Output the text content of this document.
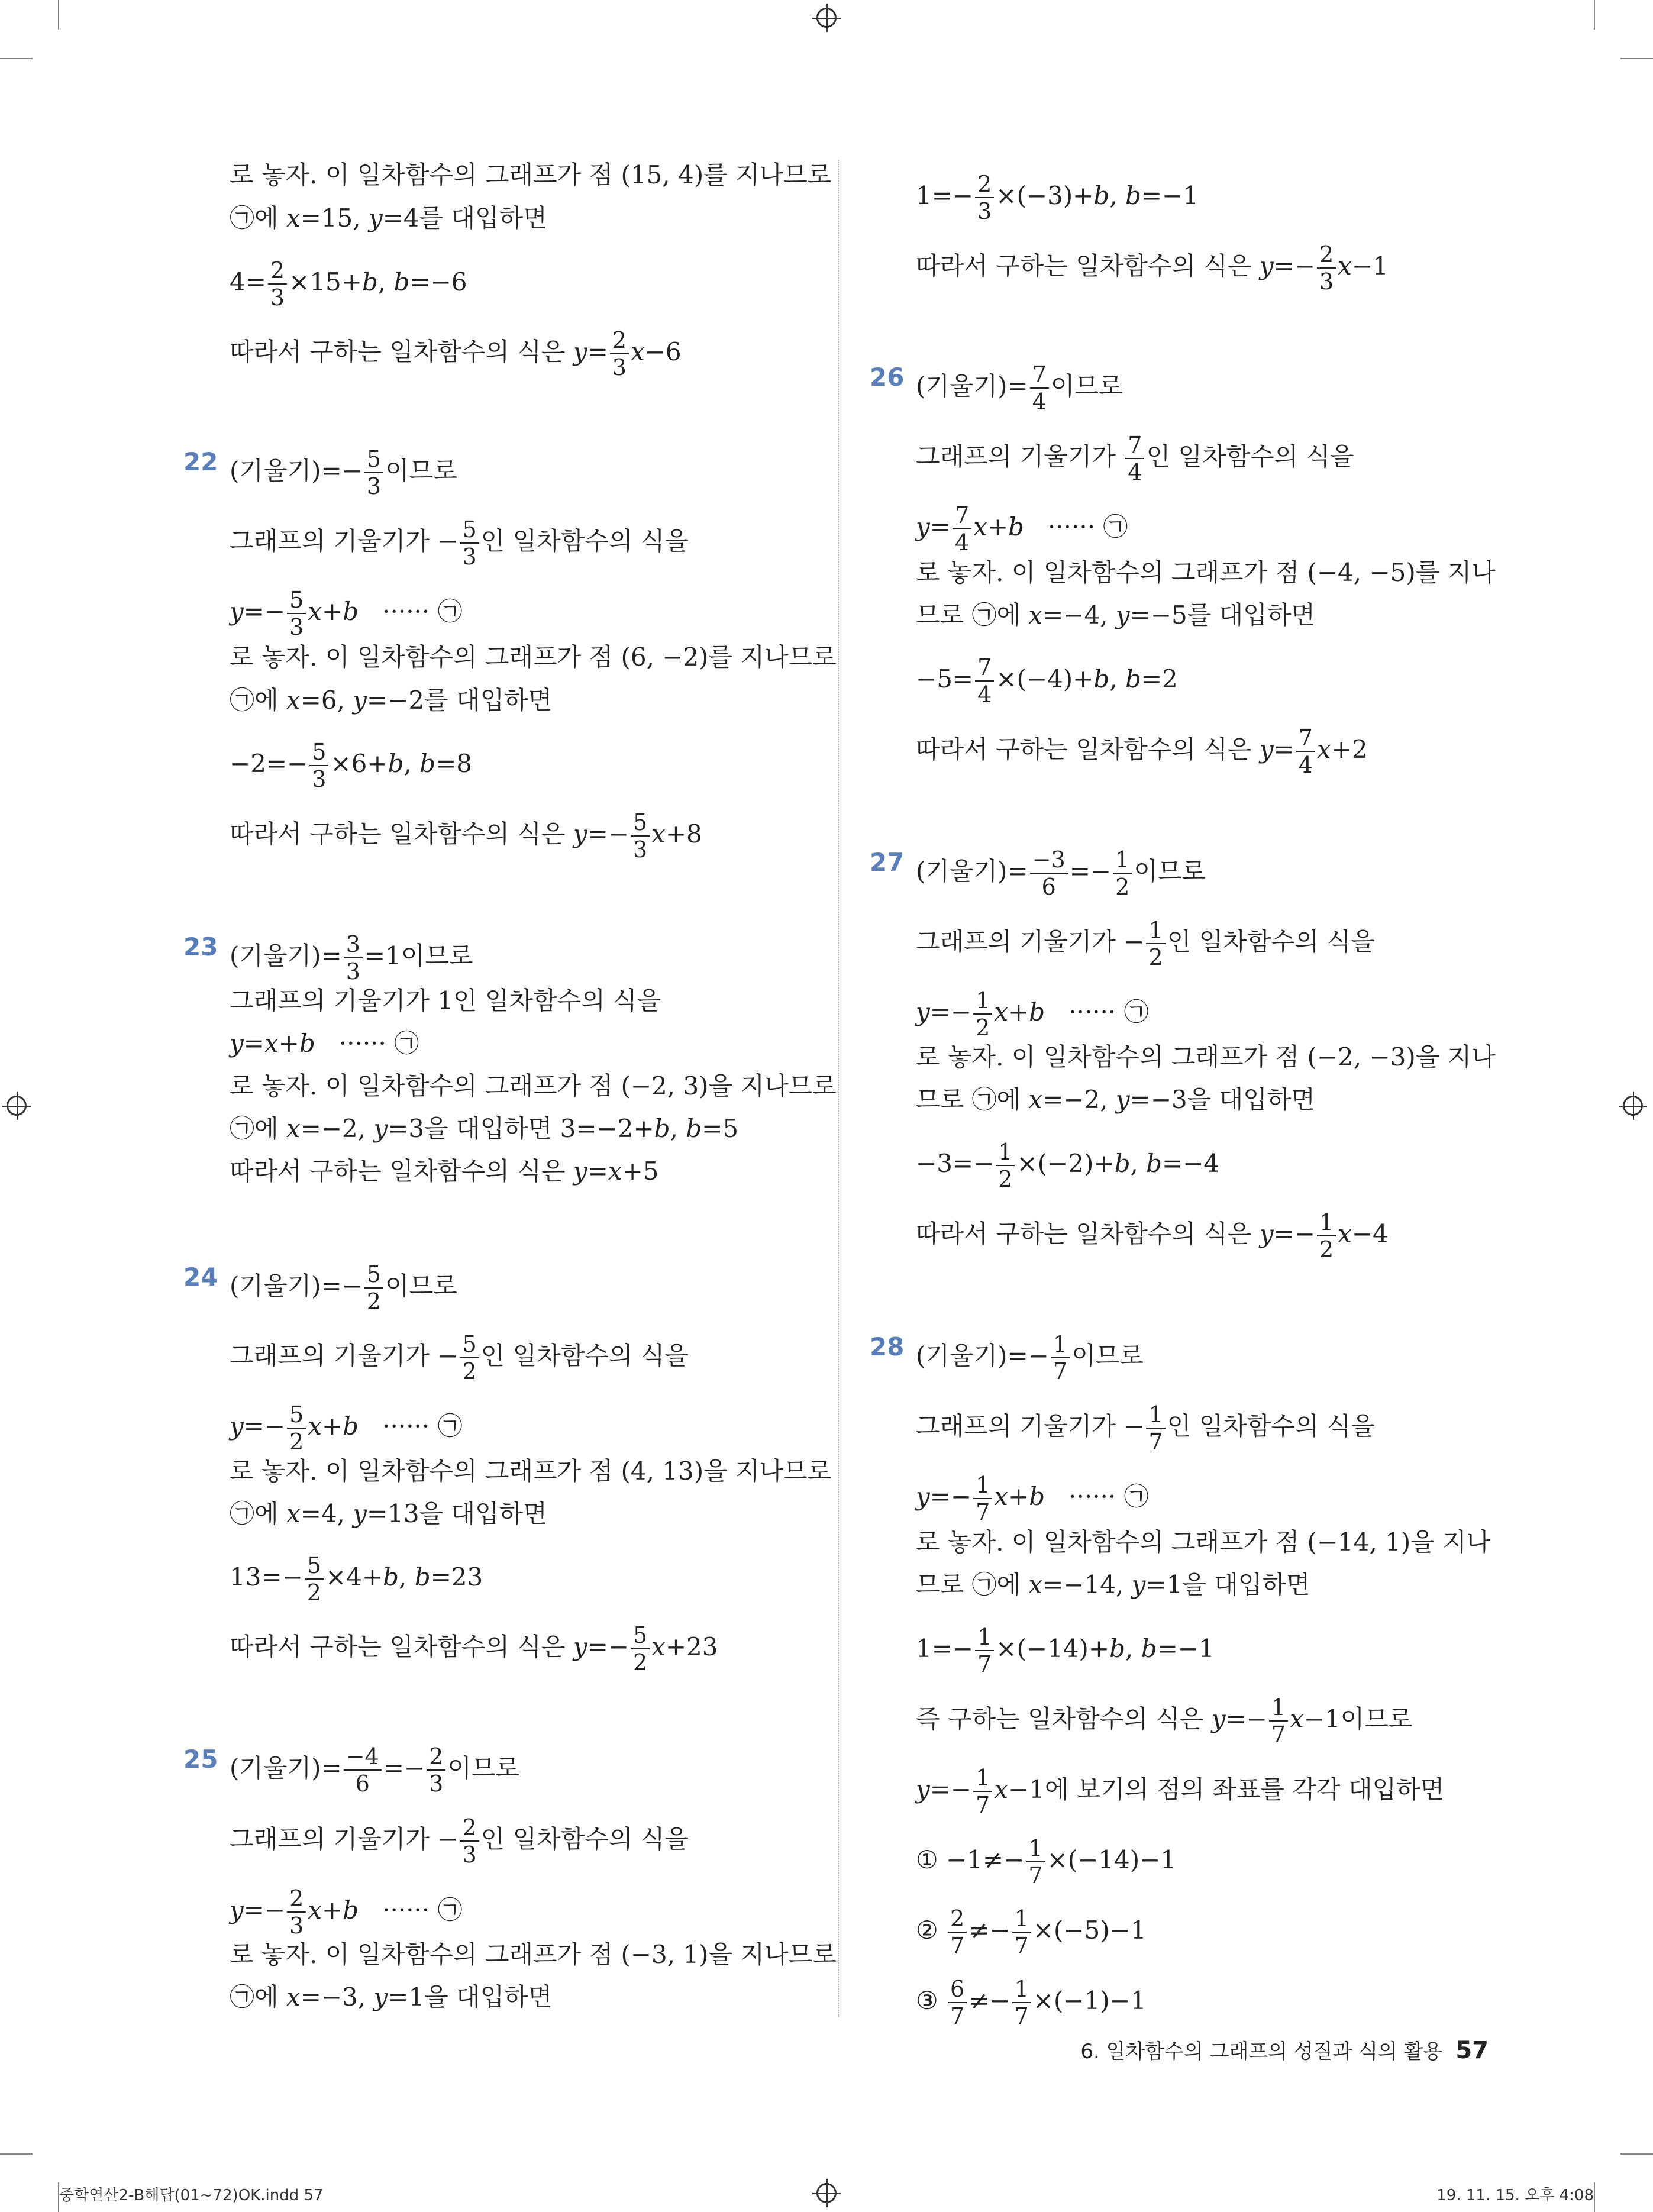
로 놓자. 이 일차함수의 그래프가 점 (15, 4)를 지나므로
㉠에 x=15, y=4를 대입하면
$4= \frac{2}{3} \times 15+b$, b=−6
따라서 구하는 일차함수의 식은 $y= \frac{2}{3} x-6$
22 (기울기)=− $\frac{5}{3}$ 이므로
그래프의 기울기가 − $\frac{5}{3}$ 인 일차함수의 식을
$y=- \frac{5}{3} x+b$   ······ ㉠
로 놓자. 이 일차함수의 그래프가 점 (6, −2)를 지나므로
㉠에 x=6, y=−2를 대입하면
$-2=- \frac{5}{3} \times 6+b$, b=8
따라서 구하는 일차함수의 식은 $y=- \frac{5}{3} x+8$
23 (기울기)= $\frac{3}{3} =1$이므로
그래프의 기울기가 1인 일차함수의 식을
y=x+b   ······ ㉠
로 놓자. 이 일차함수의 그래프가 점 (−2, 3)을 지나므로
㉠에 x=−2, y=3을 대입하면 3=−2+b, b=5
따라서 구하는 일차함수의 식은 y=x+5
24 (기울기)=− $\frac{5}{2}$ 이므로
그래프의 기울기가 − $\frac{5}{2}$ 인 일차함수의 식을
$y=- \frac{5}{2} x+b$   ······ ㉠
로 놓자. 이 일차함수의 그래프가 점 (4, 13)을 지나므로
㉠에 x=4, y=13을 대입하면
$13=- \frac{5}{2} \times 4+b$, b=23
따라서 구하는 일차함수의 식은 $y=- \frac{5}{2} x+23$
25 (기울기)= $\frac{-4}{6} =- \frac{2}{3}$ 이므로
그래프의 기울기가 − $\frac{2}{3}$ 인 일차함수의 식을
$y=- \frac{2}{3} x+b$   ······ ㉠
로 놓자. 이 일차함수의 그래프가 점 (−3, 1)을 지나므로
㉠에 x=−3, y=1을 대입하면
$1=- \frac{2}{3} \times(-3)+b$, b=−1
따라서 구하는 일차함수의 식은 $y=- \frac{2}{3} x-1$
26 (기울기)= $\frac{7}{4}$ 이므로
그래프의 기울기가 $\frac{7}{4}$ 인 일차함수의 식을
$y= \frac{7}{4} x+b$   ······ ㉠
로 놓자. 이 일차함수의 그래프가 점 (−4, −5)를 지나
므로 ㉠에 x=−4, y=−5를 대입하면
$-5= \frac{7}{4} \times(-4)+b$, b=2
따라서 구하는 일차함수의 식은 $y= \frac{7}{4} x+2$
27 (기울기)= $\frac{-3}{6} =- \frac{1}{2}$ 이므로
그래프의 기울기가 − $\frac{1}{2}$ 인 일차함수의 식을
$y=- \frac{1}{2} x+b$   ······ ㉠
로 놓자. 이 일차함수의 그래프가 점 (−2, −3)을 지나
므로 ㉠에 x=−2, y=−3을 대입하면
$-3=- \frac{1}{2} \times(-2)+b$, b=−4
따라서 구하는 일차함수의 식은 $y=- \frac{1}{2} x-4$
28 (기울기)=− $\frac{1}{7}$ 이므로
그래프의 기울기가 − $\frac{1}{7}$ 인 일차함수의 식을
$y=- \frac{1}{7} x+b$   ······ ㉠
로 놓자. 이 일차함수의 그래프가 점 (−14, 1)을 지나
므로 ㉠에 x=−14, y=1을 대입하면
$1=- \frac{1}{7} \times(-14)+b$, b=−1
즉 구하는 일차함수의 식은 $y=- \frac{1}{7} x-1$이므로
$y=- \frac{1}{7} x-1$에 보기의 점의 좌표를 각각 대입하면
① $-1\ne- \frac{1}{7} \times(-14)-1$
② $\frac{2}{7} \ne- \frac{1}{7} \times(-5)-1$
③ $\frac{6}{7} \ne- \frac{1}{7} \times(-1)-1$
6. 일차함수의 그래프의 성질과 식의 활용 57
중학연산2-B해답(01~72)OK.indd 57	19. 11. 15. 오후 4:08
